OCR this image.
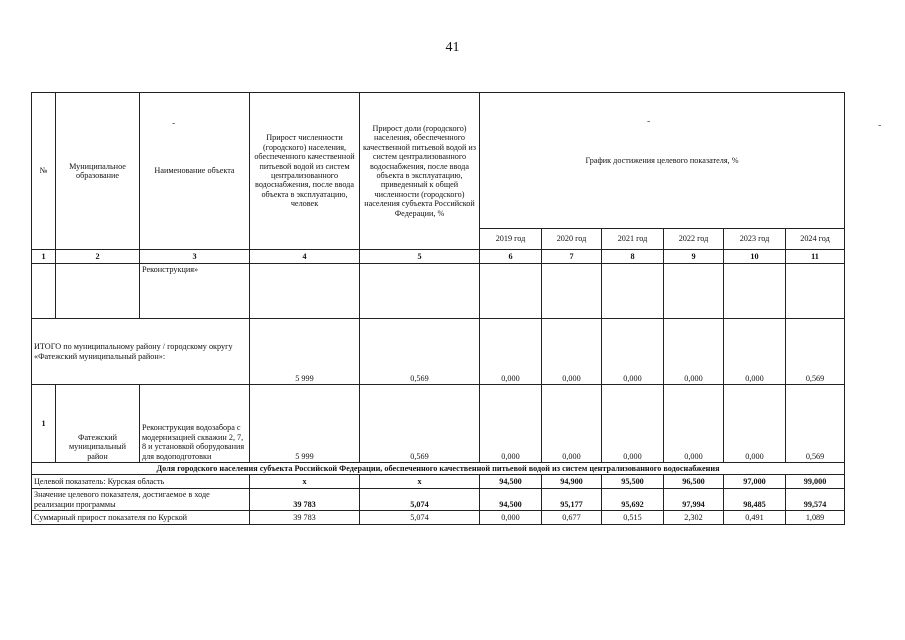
41
-	-	-
№	Муниципальное образование	Наименование объекта	Прирост численности (городского) населения, обеспеченного качественной питьевой водой из систем централизованного водоснабжения, после ввода объекта в эксплуатацию, человек	Прирост доли (городского) населения, обеспеченного качественной питьевой водой из систем централизованного водоснабжения, после ввода объекта в эксплуатацию, приведенный к общей численности (городского) населения субъекта Российской Федерации, %	График достижения целевого показателя, %					
					2019 год	2020 год	2021 год	2022 год	2023 год	2024 год
1	2	3	4	5	6	7	8	9	10	11
		Реконструкция»								
ИТОГО по муниципальному району / городскому округу «Фатежский муниципальный район»:			5 999	0,569	0,000	0,000	0,000	0,000	0,000	0,569
1	Фатежский муниципальный район	Реконструкция водозабора с модернизацией скважин 2, 7, 8 и установкой оборудования для водоподготовки	5 999	0,569	0,000	0,000	0,000	0,000	0,000	0,569
Доля городского населения субъекта Российской Федерации, обеспеченного качественной питьевой водой из систем централизованного водоснабжения										
Целевой показатель: Курская область			x	x	94,500	94,900	95,500	96,500	97,000	99,000
Значение целевого показателя, достигаемое в ходе реализации программы			39 783	5,074	94,500	95,177	95,692	97,994	98,485	99,574
Суммарный прирост показателя по Курской			39 783	5,074	0,000	0,677	0,515	2,302	0,491	1,089
